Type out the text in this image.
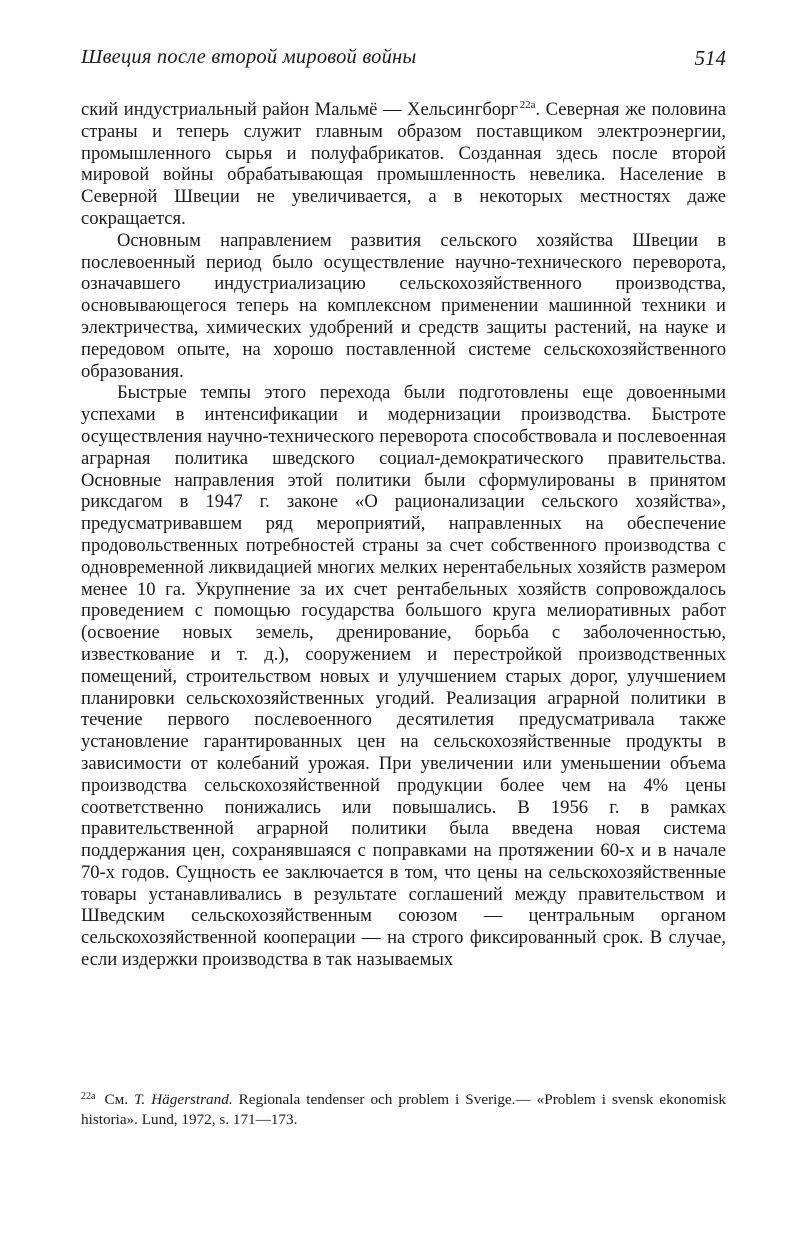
Швеция после второй мировой войны	514

ский индустриальный район Мальмё — Хельсингборг  $^{22a}$. Северная же половина страны и теперь служит главным образом поставщиком электроэнергии, промышленного сырья и полуфабрикатов. Созданная здесь после второй мировой войны обрабатывающая промышленность невелика. Население в Северной Швеции не увеличивается, а в некоторых местностях даже сокращается.

Основным направлением развития сельского хозяйства Швеции в послевоенный период было осуществление научно-технического переворота, означавшего индустриализацию сельскохозяйственного производства, основывающегося теперь на комплексном применении машинной техники и электричества, химических удобрений и средств защиты растений, на науке и передовом опыте, на хорошо поставленной системе сельскохозяйственного образования.

Быстрые темпы этого перехода были подготовлены еще довоенными успехами в интенсификации и модернизации производства. Быстроте осуществления научно-технического переворота способствовала и послевоенная аграрная политика шведского социал-демократического правительства. Основные направления этой политики были сформулированы в принятом риксдагом в 1947 г. законе «О рационализации сельского хозяйства», предусматривавшем ряд мероприятий, направленных на обеспечение продовольственных потребностей страны за счет собственного производства с одновременной ликвидацией многих мелких нерентабельных хозяйств размером менее 10 га. Укрупнение за их счет рентабельных хозяйств сопровождалось проведением с помощью государства большого круга мелиоративных работ (освоение новых земель, дренирование, борьба с заболоченностью, известкование и т. д.), сооружением и перестройкой производственных помещений, строительством новых и улучшением старых дорог, улучшением планировки сельскохозяйственных угодий. Реализация аграрной политики в течение первого послевоенного десятилетия предусматривала также установление гарантированных цен на сельскохозяйственные продукты в зависимости от колебаний урожая. При увеличении или уменьшении объема производства сельскохозяйственной продукции более чем на 4% цены соответственно понижались или повышались. В 1956 г. в рамках правительственной аграрной политики была введена новая система поддержания цен, сохранявшаяся с поправками на протяжении 60-х и в начале 70-х годов. Сущность ее заключается в том, что цены на сельскохозяйственные товары устанавливались в результате соглашений между правительством и Шведским сельскохозяйственным союзом — центральным органом сельскохозяйственной кооперации — на строго фиксированный срок. В случае, если издержки производства в так называемых

$^{22a}$ См. T. Hägerstrand. Regionala tendenser och problem i Sverige.— «Problem i svensk ekonomisk historia». Lund, 1972, s. 171—173.
